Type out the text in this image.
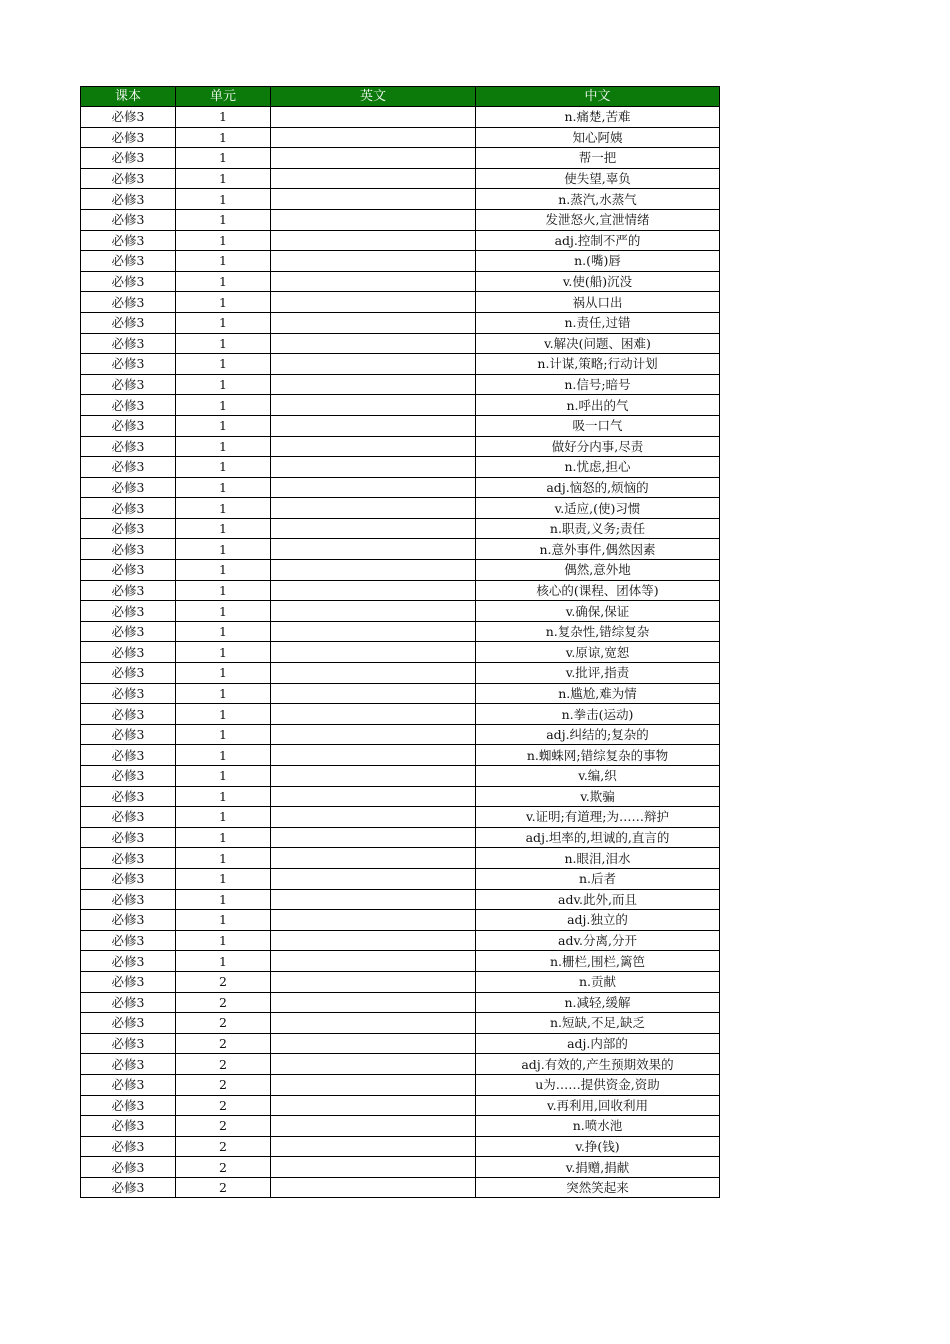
课本	单元	英文	中文
必修3	1		n.痛楚,苦难
必修3	1		知心阿姨
必修3	1		帮一把
必修3	1		使失望,辜负
必修3	1		n.蒸汽,水蒸气
必修3	1		发泄怒火,宣泄情绪
必修3	1		adj.控制不严的
必修3	1		n.(嘴)唇
必修3	1		v.使(船)沉没
必修3	1		祸从口出
必修3	1		n.责任,过错
必修3	1		v.解决(问题、困难)
必修3	1		n.计谋,策略;行动计划
必修3	1		n.信号;暗号
必修3	1		n.呼出的气
必修3	1		吸一口气
必修3	1		做好分内事,尽责
必修3	1		n.忧虑,担心
必修3	1		adj.恼怒的,烦恼的
必修3	1		v.适应,(使)习惯
必修3	1		n.职责,义务;责任
必修3	1		n.意外事件,偶然因素
必修3	1		偶然,意外地
必修3	1		核心的(课程、团体等)
必修3	1		v.确保,保证
必修3	1		n.复杂性,错综复杂
必修3	1		v.原谅,宽恕
必修3	1		v.批评,指责
必修3	1		n.尴尬,难为情
必修3	1		n.拳击(运动)
必修3	1		adj.纠结的;复杂的
必修3	1		n.蜘蛛网;错综复杂的事物
必修3	1		v.编,织
必修3	1		v.欺骗
必修3	1		v.证明;有道理;为……辩护
必修3	1		adj.坦率的,坦诚的,直言的
必修3	1		n.眼泪,泪水
必修3	1		n.后者
必修3	1		adv.此外,而且
必修3	1		adj.独立的
必修3	1		adv.分离,分开
必修3	1		n.栅栏,围栏,篱笆
必修3	2		n.贡献
必修3	2		n.减轻,缓解
必修3	2		n.短缺,不足,缺乏
必修3	2		adj.内部的
必修3	2		adj.有效的,产生预期效果的
必修3	2		u为……提供资金,资助
必修3	2		v.再利用,回收利用
必修3	2		n.喷水池
必修3	2		v.挣(钱)
必修3	2		v.捐赠,捐献
必修3	2		突然笑起来
